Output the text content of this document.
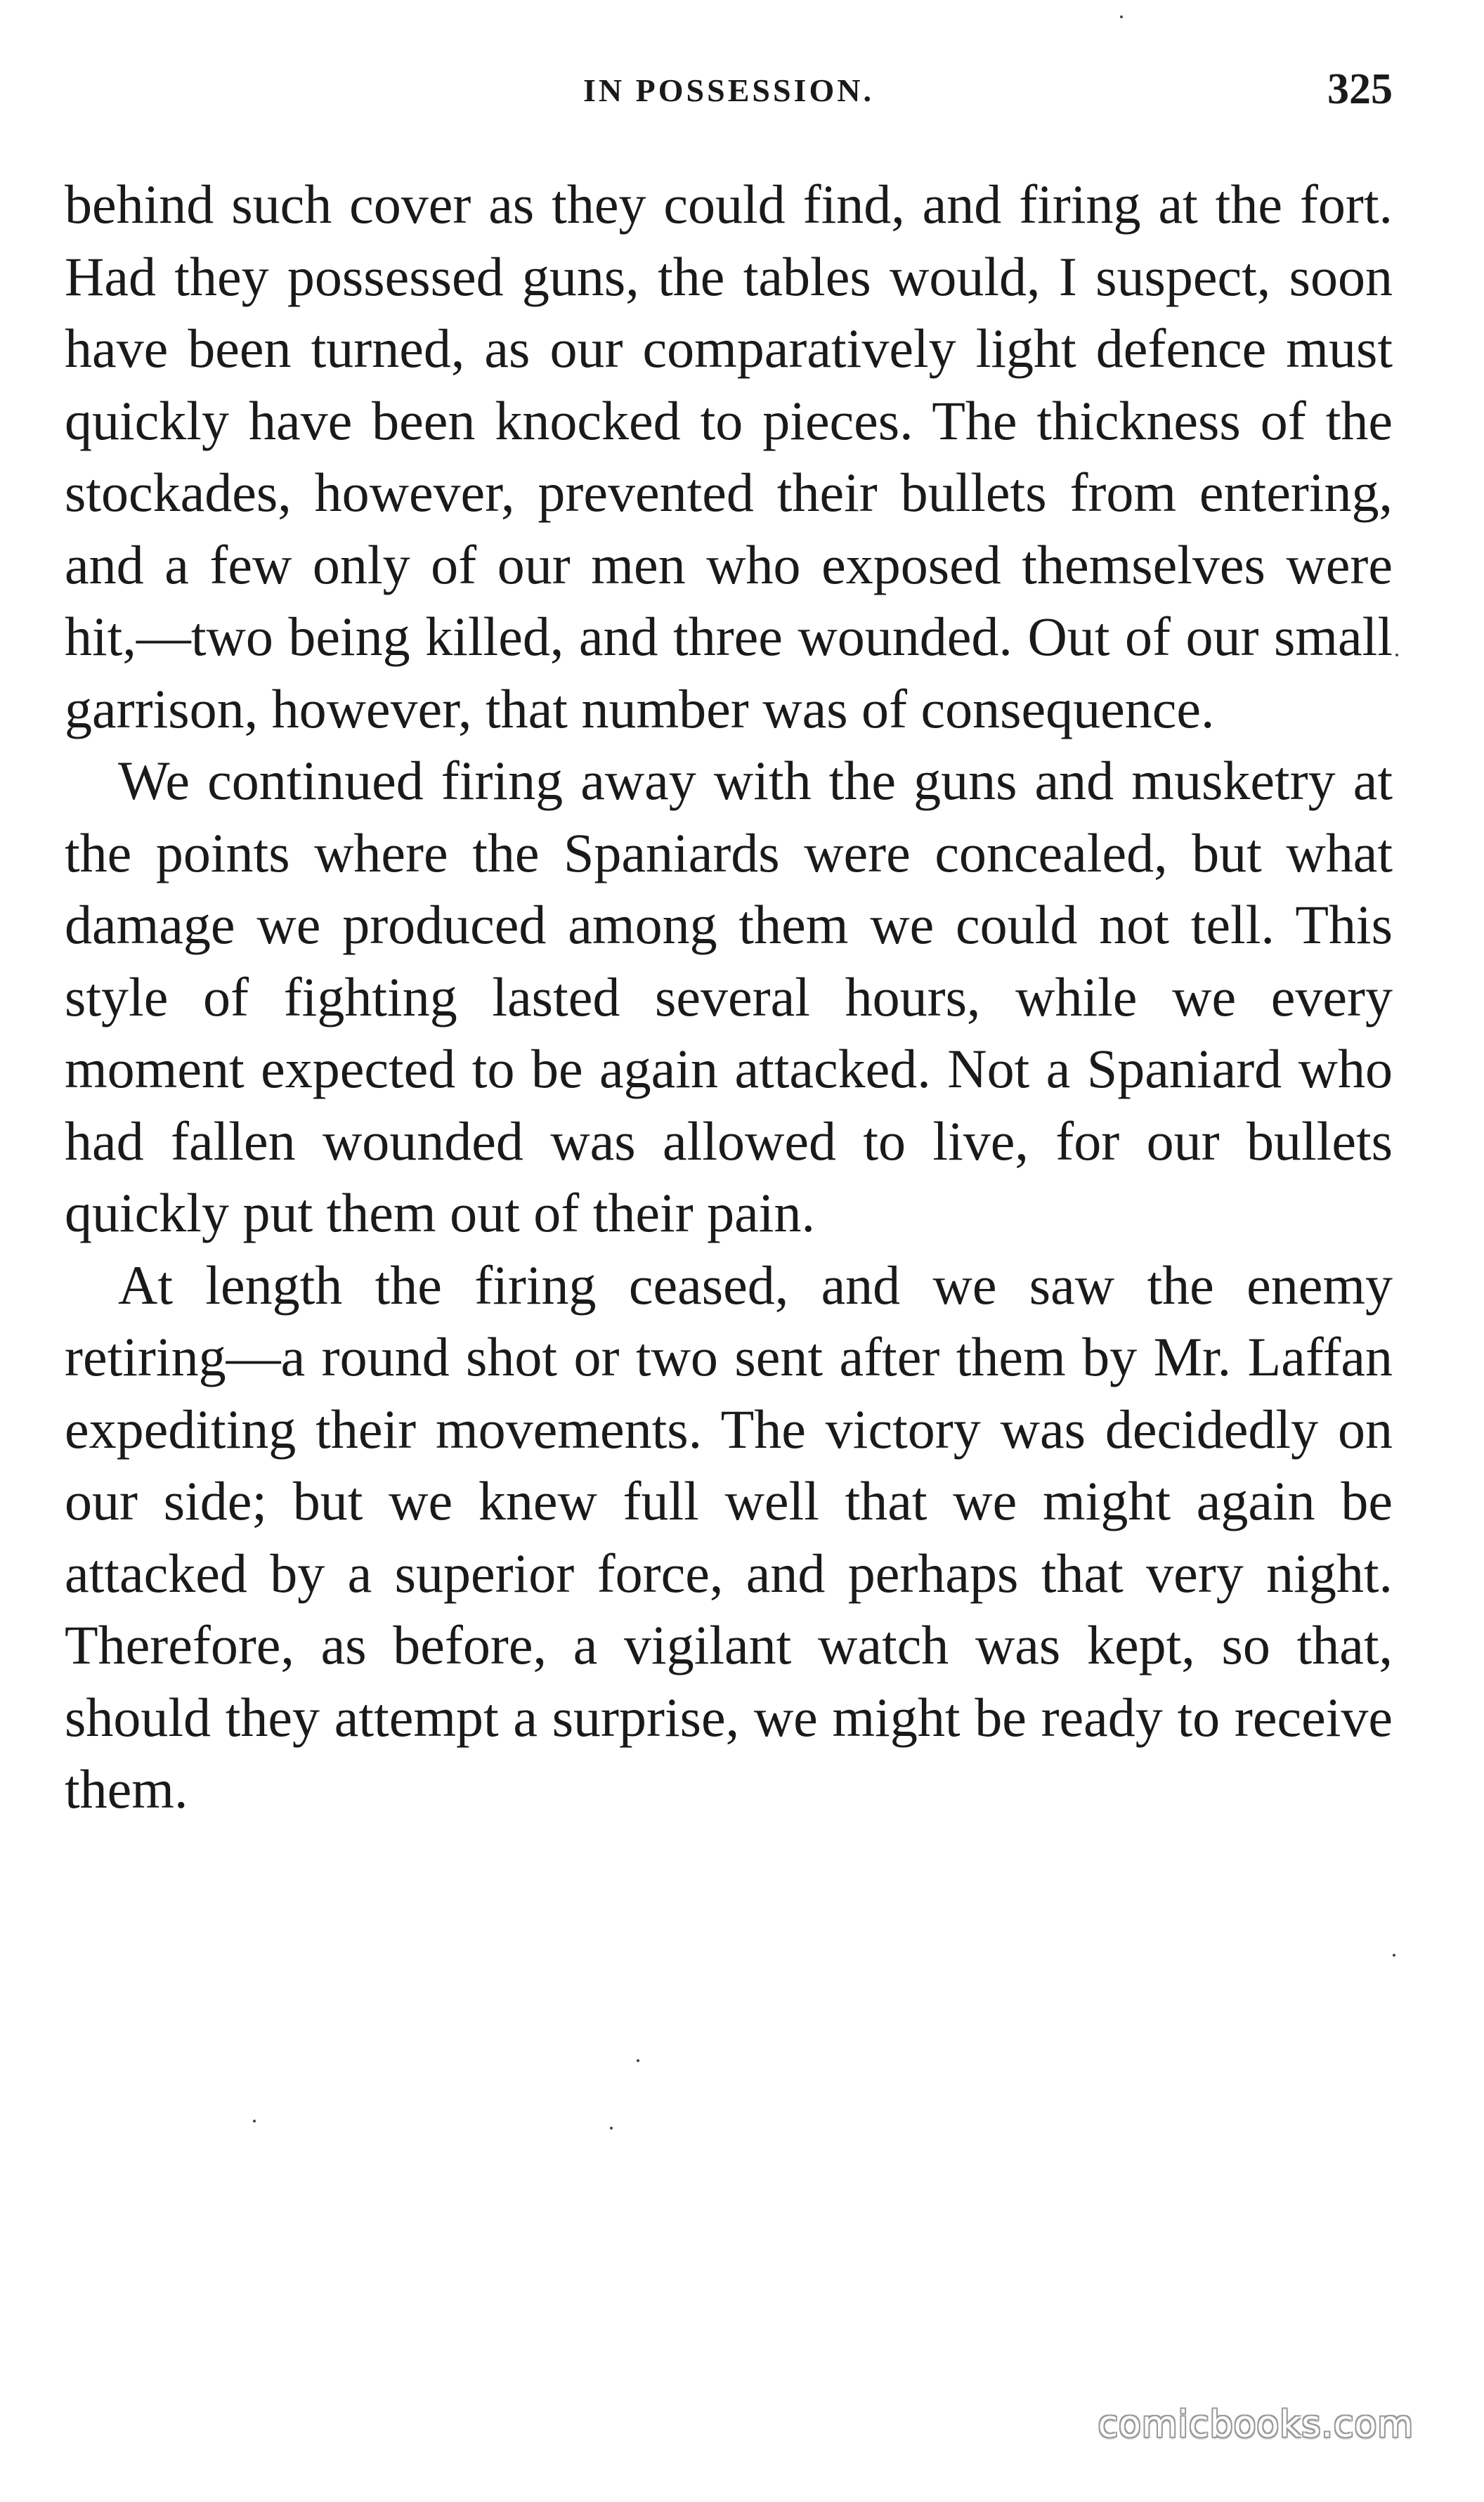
IN POSSESSION.	325

behind such cover as they could find, and firing at the fort. Had they possessed guns, the tables would, I suspect, soon have been turned, as our comparatively light defence must quickly have been knocked to pieces. The thickness of the stockades, however, prevented their bullets from entering, and a few only of our men who exposed themselves were hit,—two being killed, and three wounded. Out of our small garrison, however, that number was of consequence.

We continued firing away with the guns and musketry at the points where the Spaniards were concealed, but what damage we produced among them we could not tell. This style of fighting lasted several hours, while we every moment expected to be again attacked. Not a Spaniard who had fallen wounded was allowed to live, for our bullets quickly put them out of their pain.

At length the firing ceased, and we saw the enemy retiring—a round shot or two sent after them by Mr. Laffan expediting their movements. The victory was decidedly on our side; but we knew full well that we might again be attacked by a superior force, and perhaps that very night. Therefore, as before, a vigilant watch was kept, so that, should they attempt a surprise, we might be ready to receive them.

comicbooks.com
